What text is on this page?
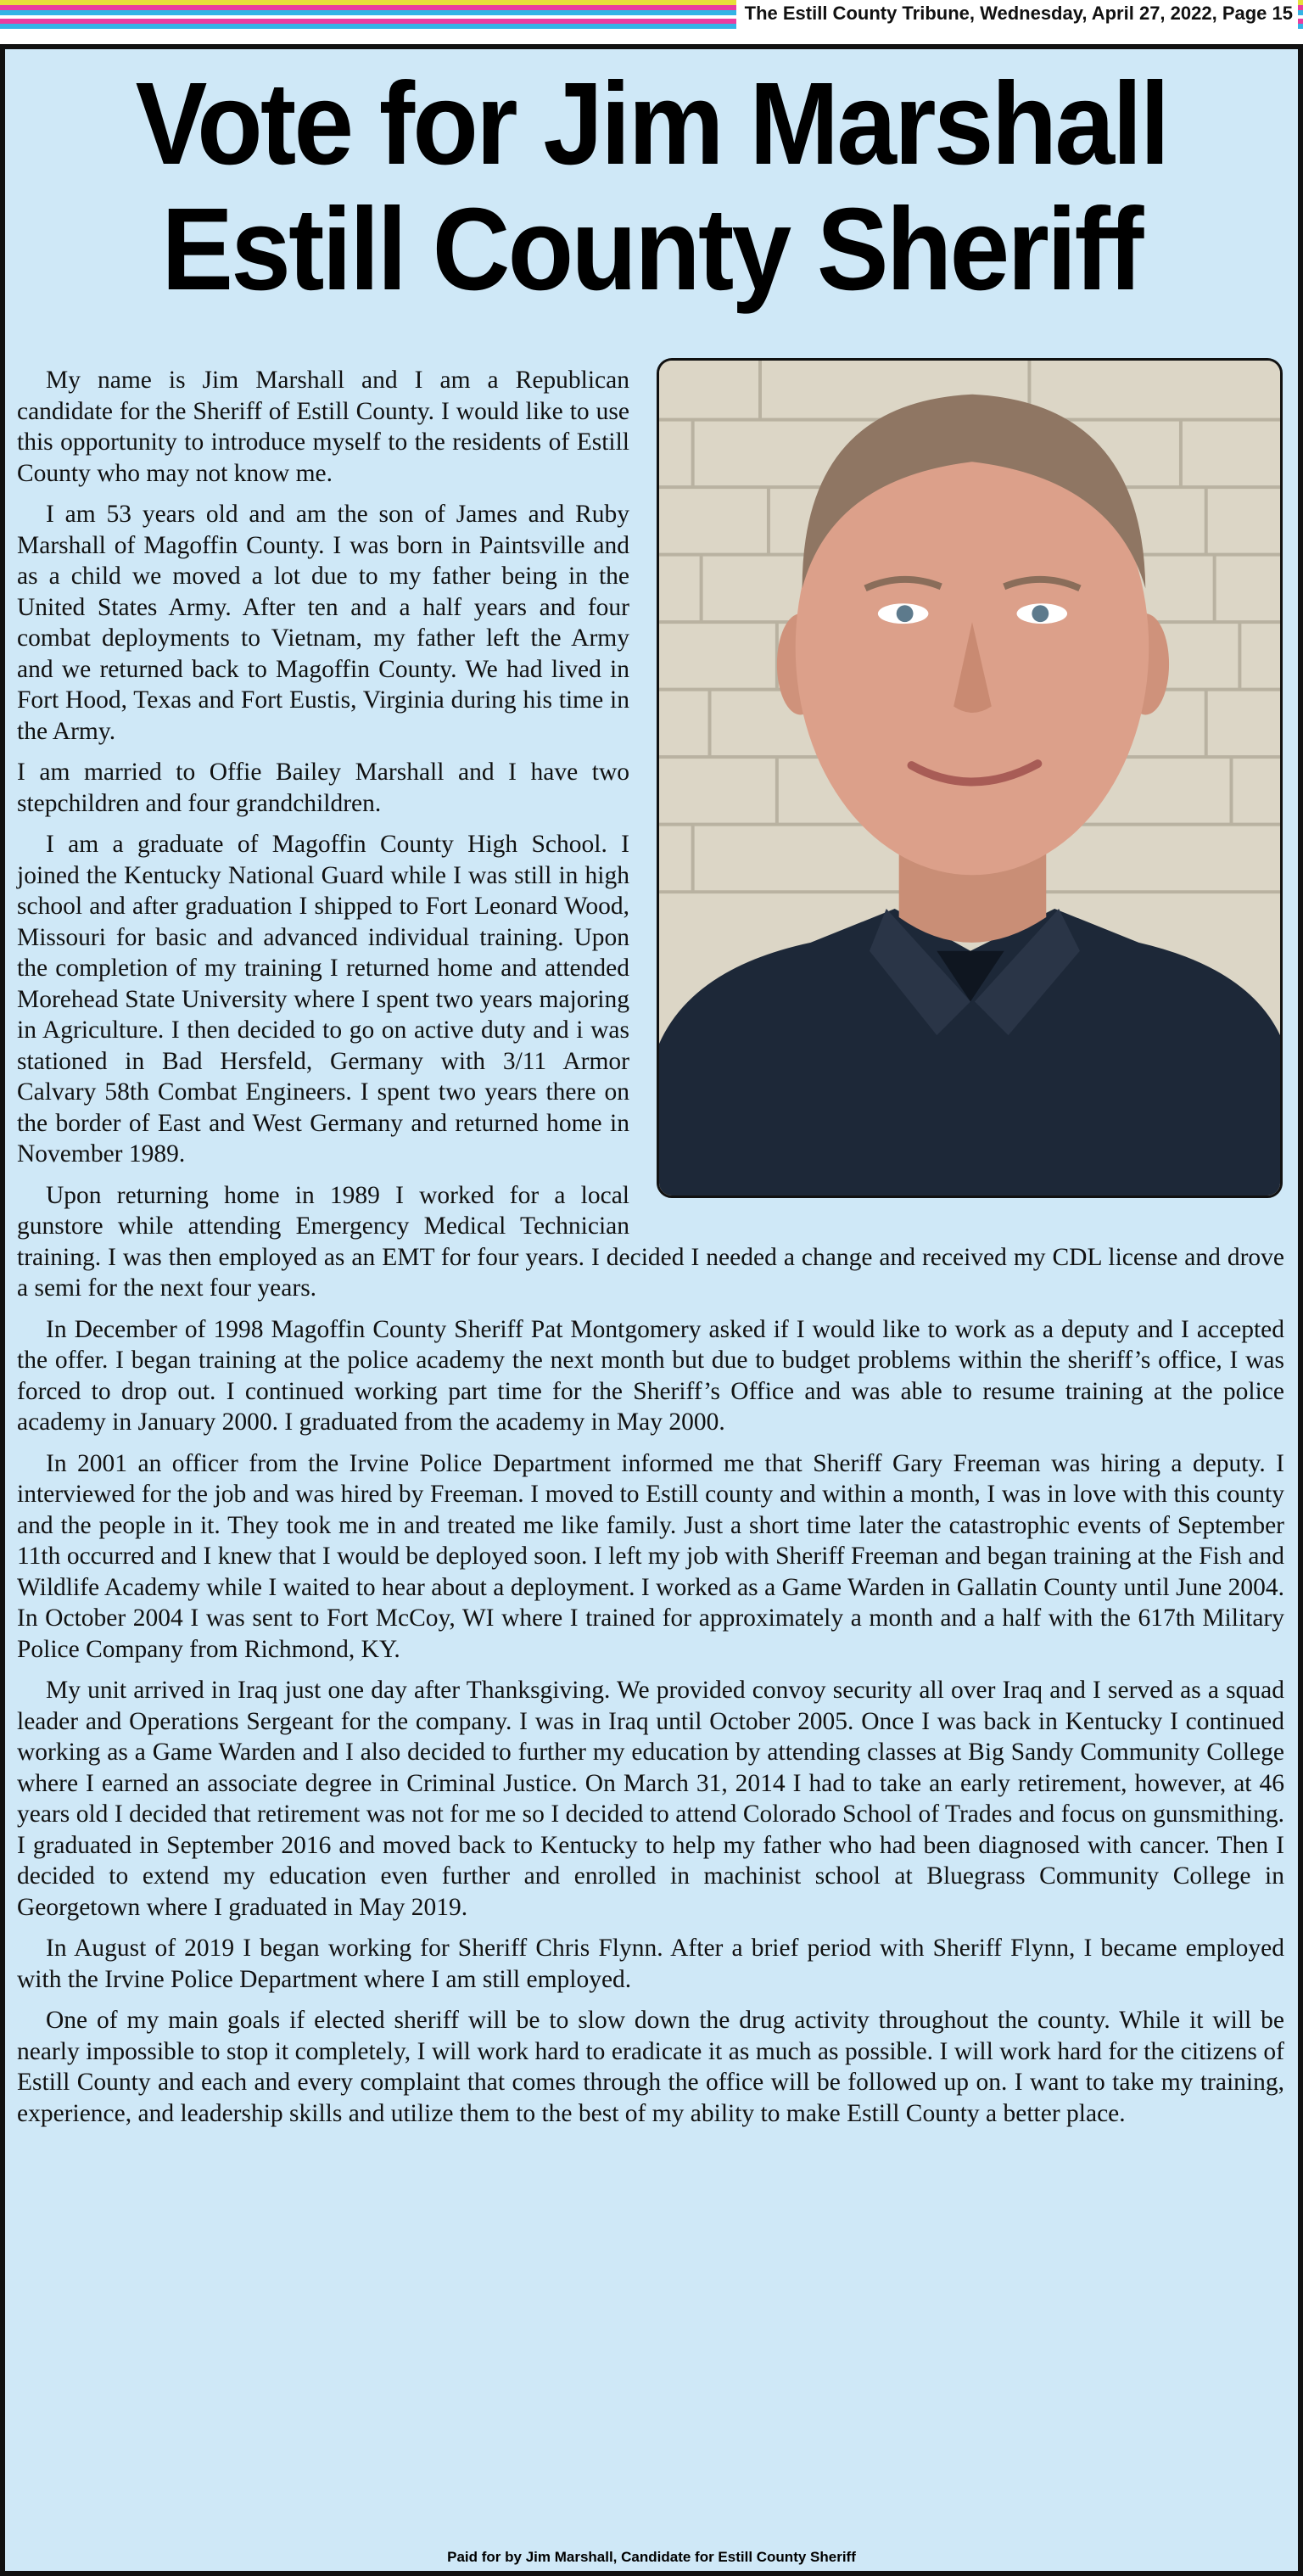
The Estill County Tribune, Wednesday, April 27, 2022, Page 15
Vote for Jim Marshall
Estill County Sheriff

My name is Jim Marshall and I am a Republican candidate for the Sheriff of Estill County. I would like to use this opportunity to introduce myself to the residents of Estill County who may not know me.

I am 53 years old and am the son of James and Ruby Marshall of Magoffin County. I was born in Paintsville and as a child we moved a lot due to my father being in the United States Army. After ten and a half years and four combat deployments to Vietnam, my father left the Army and we returned back to Magoffin County. We had lived in Fort Hood, Texas and Fort Eustis, Virginia during his time in the Army.

I am married to Offie Bailey Marshall and I have two stepchildren and four grandchildren.

I am a graduate of Magoffin County High School. I joined the Kentucky National Guard while I was still in high school and after graduation I shipped to Fort Leonard Wood, Missouri for basic and advanced individual training. Upon the completion of my training I returned home and attended Morehead State University where I spent two years majoring in Agriculture. I then decided to go on active duty and i was stationed in Bad Hersfeld, Germany with 3/11 Armor Calvary 58th Combat Engineers. I spent two years there on the border of East and West Germany and returned home in November 1989.

Upon returning home in 1989 I worked for a local gunstore while attending Emergency Medical Technician training. I was then employed as an EMT for four years. I decided I needed a change and received my CDL license and drove a semi for the next four years.

In December of 1998 Magoffin County Sheriff Pat Montgomery asked if I would like to work as a deputy and I accepted the offer. I began training at the police academy the next month but due to budget problems within the sheriff’s office, I was forced to drop out. I continued working part time for the Sheriff’s Office and was able to resume training at the police academy in January 2000. I graduated from the academy in May 2000.

In 2001 an officer from the Irvine Police Department informed me that Sheriff Gary Freeman was hiring a deputy. I interviewed for the job and was hired by Freeman. I moved to Estill county and within a month, I was in love with this county and the people in it. They took me in and treated me like family. Just a short time later the catastrophic events of September 11th occurred and I knew that I would be deployed soon. I left my job with Sheriff Freeman and began training at the Fish and Wildlife Academy while I waited to hear about a deployment. I worked as a Game Warden in Gallatin County until June 2004. In October 2004 I was sent to Fort McCoy, WI where I trained for approximately a month and a half with the 617th Military Police Company from Richmond, KY.

My unit arrived in Iraq just one day after Thanksgiving. We provided convoy security all over Iraq and I served as a squad leader and Operations Sergeant for the company. I was in Iraq until October 2005. Once I was back in Kentucky I continued working as a Game Warden and I also decided to further my education by attending classes at Big Sandy Community College where I earned an associate degree in Criminal Justice. On March 31, 2014 I had to take an early retirement, however, at 46 years old I decided that retirement was not for me so I decided to attend Colorado School of Trades and focus on gunsmithing. I graduated in September 2016 and moved back to Kentucky to help my father who had been diagnosed with cancer. Then I decided to extend my education even further and enrolled in machinist school at Bluegrass Community College in Georgetown where I graduated in May 2019.

In August of 2019 I began working for Sheriff Chris Flynn. After a brief period with Sheriff Flynn, I became employed with the Irvine Police Department where I am still employed.

One of my main goals if elected sheriff will be to slow down the drug activity throughout the county. While it will be nearly impossible to stop it completely, I will work hard to eradicate it as much as possible. I will work hard for the citizens of Estill County and each and every complaint that comes through the office will be followed up on. I want to take my training, experience, and leadership skills and utilize them to the best of my ability to make Estill County a better place.

Paid for by Jim Marshall, Candidate for Estill County Sheriff
